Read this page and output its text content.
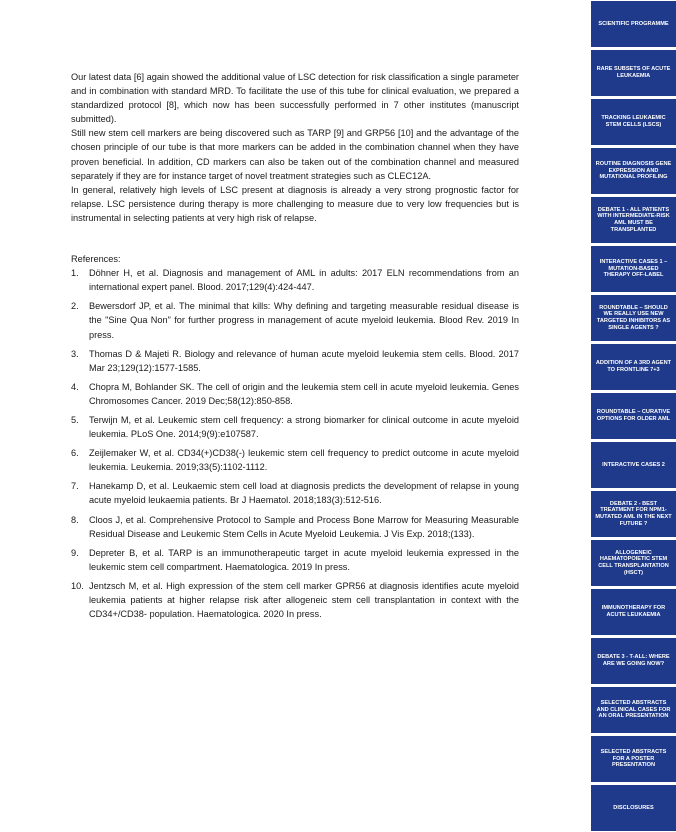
Our latest data [6] again showed the additional value of LSC detection for risk classification a single parameter and in combination with standard MRD. To facilitate the use of this tube for clinical evaluation, we prepared a standardized protocol [8], which now has been successfully performed in 7 other institutes (manuscript submitted).

Still new stem cell markers are being discovered such as TARP [9] and GRP56 [10] and the advantage of the chosen principle of our tube is that more markers can be added in the combination channel when they have proven beneficial. In addition, CD markers can also be taken out of the combination channel and measured separately if they are for instance target of novel treatment strategies such as CLEC12A.

In general, relatively high levels of LSC present at diagnosis is already a very strong prognostic factor for relapse. LSC persistence during therapy is more challenging to measure due to very low frequencies but is instrumental in selecting patients at very high risk of relapse.

References:

1.	Döhner H, et al. Diagnosis and management of AML in adults: 2017 ELN recommendations from an international expert panel. Blood. 2017;129(4):424-447.
2.	Bewersdorf JP, et al. The minimal that kills: Why defining and targeting measurable residual disease is the "Sine Qua Non" for further progress in management of acute myeloid leukemia. Blood Rev. 2019 In press.
3.	Thomas D & Majeti R. Biology and relevance of human acute myeloid leukemia stem cells. Blood. 2017 Mar 23;129(12):1577-1585.
4.	Chopra M, Bohlander SK. The cell of origin and the leukemia stem cell in acute myeloid leukemia. Genes Chromosomes Cancer. 2019 Dec;58(12):850-858.
5.	Terwijn M, et al. Leukemic stem cell frequency: a strong biomarker for clinical outcome in acute myeloid leukemia. PLoS One. 2014;9(9):e107587.
6.	Zeijlemaker W, et al. CD34(+)CD38(-) leukemic stem cell frequency to predict outcome in acute myeloid leukemia. Leukemia. 2019;33(5):1102-1112.
7.	Hanekamp D, et al. Leukaemic stem cell load at diagnosis predicts the development of relapse in young acute myeloid leukaemia patients. Br J Haematol. 2018;183(3):512-516.
8.	Cloos J, et al. Comprehensive Protocol to Sample and Process Bone Marrow for Measuring Measurable Residual Disease and Leukemic Stem Cells in Acute Myeloid Leukemia. J Vis Exp. 2018;(133).
9.	Depreter B, et al. TARP is an immunotherapeutic target in acute myeloid leukemia expressed in the leukemic stem cell compartment. Haematologica. 2019 In press.
10. Jentzsch M, et al. High expression of the stem cell marker GPR56 at diagnosis identifies acute myeloid leukemia patients at higher relapse risk after allogeneic stem cell transplantation in context with the CD34+/CD38- population. Haematologica. 2020 In press.
SCIENTIFIC PROGRAMME
RARE SUBSETS OF ACUTE LEUKAEMIA
TRACKING LEUKAEMIC STEM CELLS (LSCS)
ROUTINE DIAGNOSIS GENE EXPRESSION AND MUTATIONAL PROFILING
DEBATE 1 - ALL PATIENTS WITH INTERMEDIATE-RISK AML MUST BE TRANSPLANTED
INTERACTIVE CASES 1 – MUTATION-BASED THERAPY OFF-LABEL
ROUNDTABLE – SHOULD WE REALLY USE NEW TARGETED INHIBITORS AS SINGLE AGENTS ?
ADDITION OF A 3RD AGENT TO FRONTLINE 7+3
ROUNDTABLE – CURATIVE OPTIONS FOR OLDER AML
INTERACTIVE CASES 2
DEBATE 2 - BEST TREATMENT FOR NPM1-MUTATED AML IN THE NEXT FUTURE ?
ALLOGENEIC HAEMATOPOIETIC STEM CELL TRANSPLANTATION (HSCT)
IMMUNOTHERAPY FOR ACUTE LEUKAEMIA
DEBATE 3 - T-ALL: WHERE ARE WE GOING NOW?
SELECTED ABSTRACTS AND CLINICAL CASES FOR AN ORAL PRESENTATION
SELECTED ABSTRACTS FOR A POSTER PRESENTATION
DISCLOSURES
